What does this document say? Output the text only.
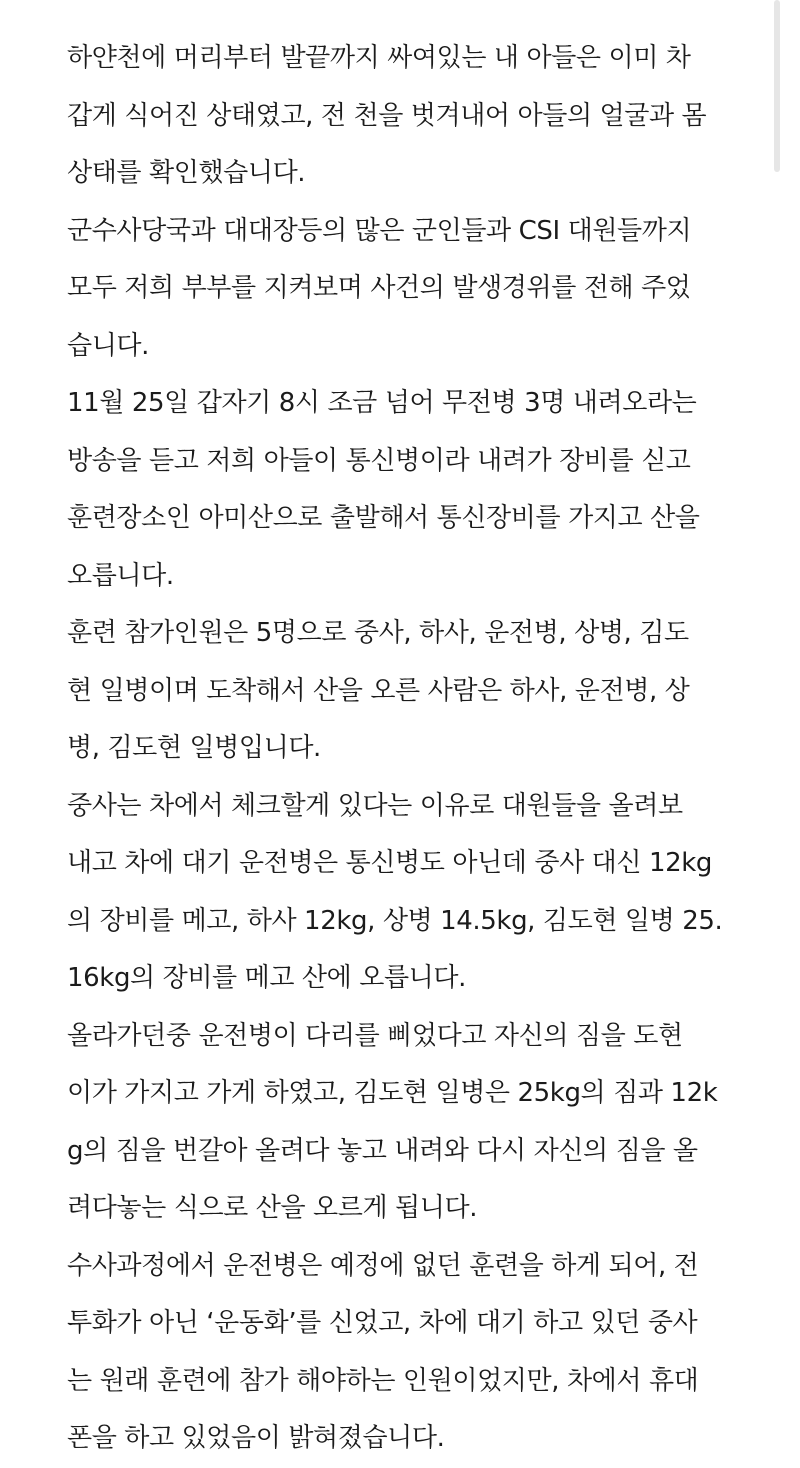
하얀천에 머리부터 발끝까지 싸여있는 내 아들은 이미 차
갑게 식어진 상태였고, 전 천을 벗겨내어 아들의 얼굴과 몸
상태를 확인했습니다.
군수사당국과 대대장등의 많은 군인들과 CSI 대원들까지
모두 저희 부부를 지켜보며 사건의 발생경위를 전해 주었
습니다.
11월 25일 갑자기 8시 조금 넘어 무전병 3명 내려오라는
방송을 듣고 저희 아들이 통신병이라 내려가 장비를 싣고
훈련장소인 아미산으로 출발해서 통신장비를 가지고 산을
오릅니다.
훈련 참가인원은 5명으로 중사, 하사, 운전병, 상병, 김도
현 일병이며 도착해서 산을 오른 사람은 하사, 운전병, 상
병, 김도현 일병입니다.
중사는 차에서 체크할게 있다는 이유로 대원들을 올려보
내고 차에 대기 운전병은 통신병도 아닌데 중사 대신 12kg
의 장비를 메고, 하사 12kg, 상병 14.5kg, 김도현 일병 25.
16kg의 장비를 메고 산에 오릅니다.
올라가던중 운전병이 다리를 삐었다고 자신의 짐을 도현
이가 가지고 가게 하였고, 김도현 일병은 25kg의 짐과 12k
g의 짐을 번갈아 올려다 놓고 내려와 다시 자신의 짐을 올
려다놓는 식으로 산을 오르게 됩니다.
수사과정에서 운전병은 예정에 없던 훈련을 하게 되어, 전
투화가 아닌 ‘운동화’를 신었고, 차에 대기 하고 있던 중사
는 원래 훈련에 참가 해야하는 인원이었지만, 차에서 휴대
폰을 하고 있었음이 밝혀졌습니다.
